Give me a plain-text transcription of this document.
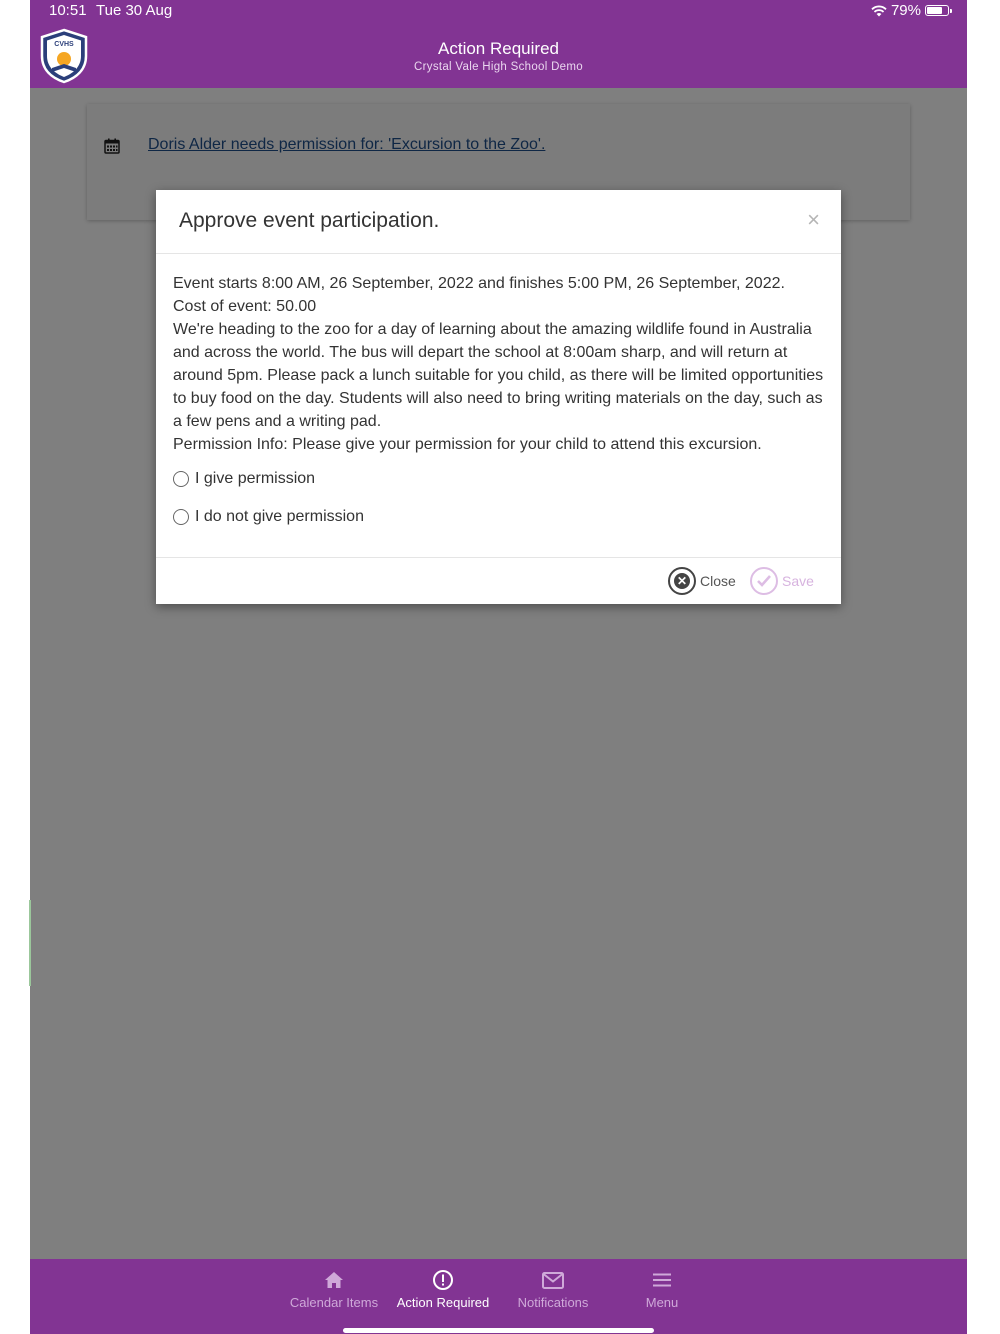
10:51 Tue 30 Aug	79%
CVHS	Action Required
Crystal Vale High School Demo
Approve event participation.	×

Event starts 8:00 AM, 26 September, 2022 and finishes 5:00 PM, 26 September, 2022.

Cost of event: 50.00

We're heading to the zoo for a day of learning about the amazing wildlife found in Australia and across the world. The bus will depart the school at 8:00am sharp, and will return at around 5pm. Please pack a lunch suitable for you child, as there will be limited opportunities to buy food on the day. Students will also need to bring writing materials on the day, such as a few pens and a writing pad.

Permission Info: Please give your permission for your child to attend this excursion.

I give permission
I do not give permission
✕ Close	Save
Calendar Items	Action Required	Notifications	Menu
